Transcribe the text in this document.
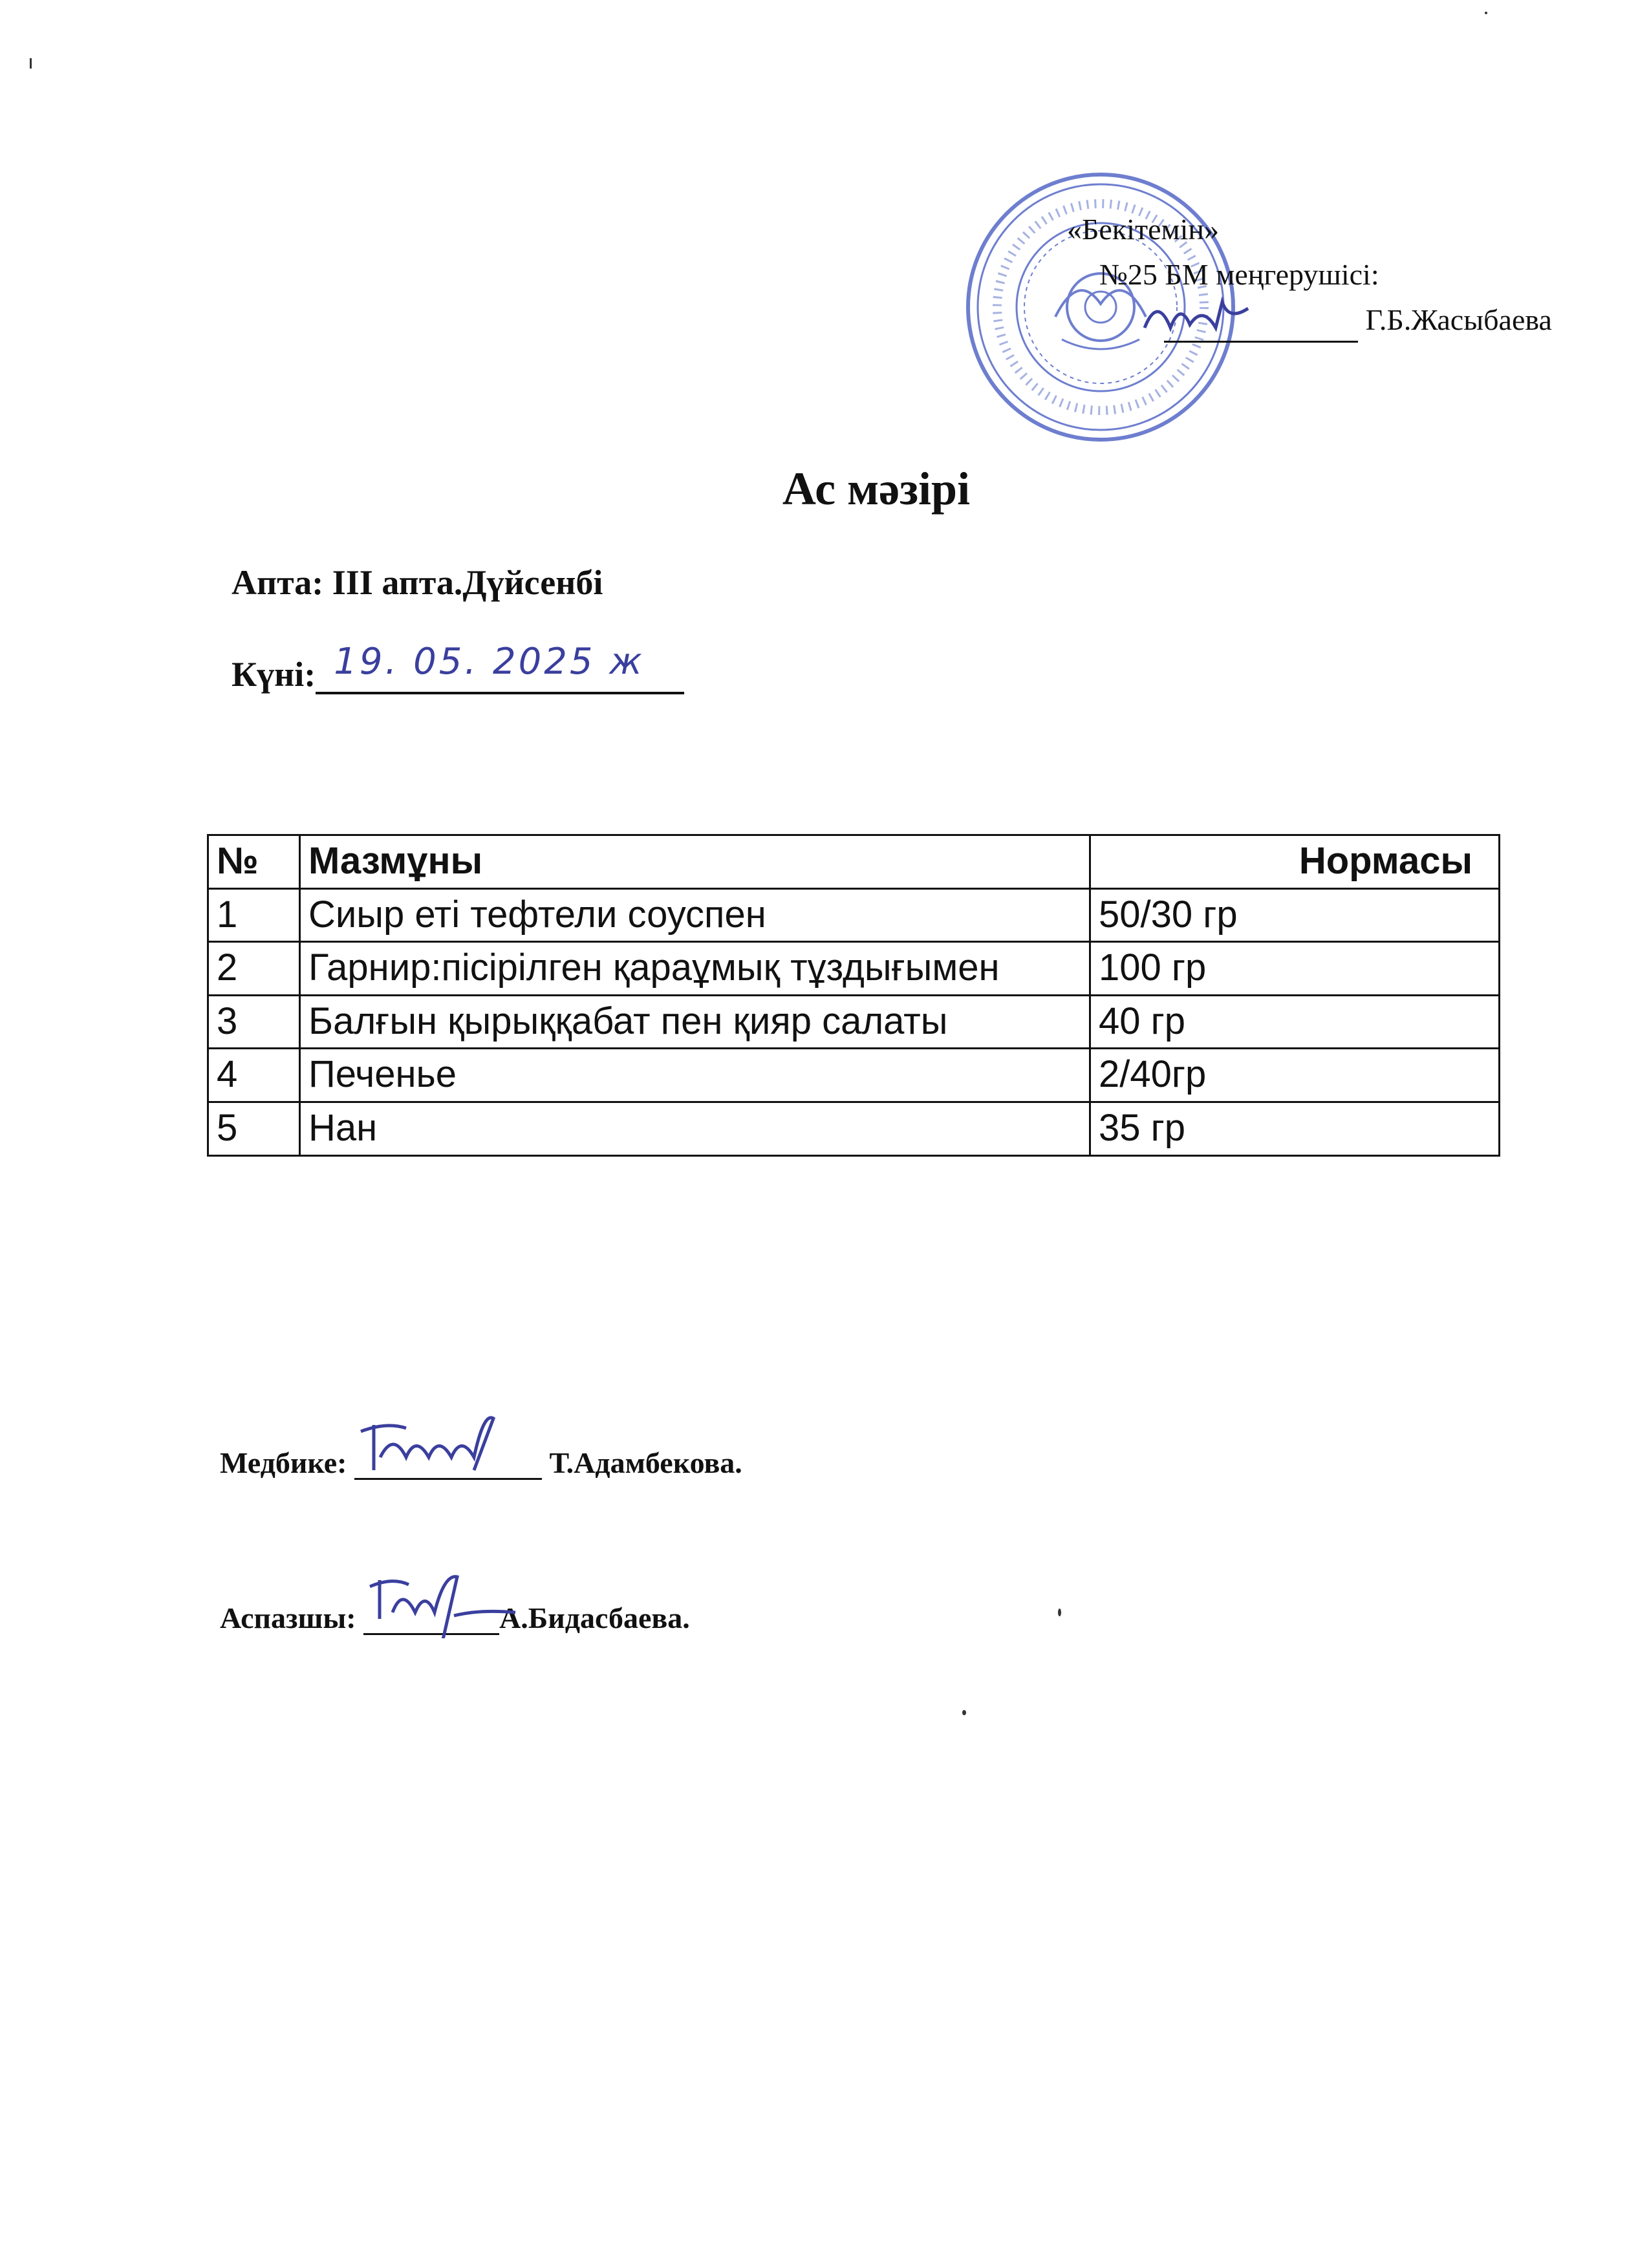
«Бекітемін»
№25 БМ меңгерушісі:
Г.Б.Жасыбаева
Ас мәзірі
Апта: ІІІ апта.Дүйсенбі
Күні: 19. 05. 2025 ж
№	Мазмұны	Нормасы
1	Сиыр еті тефтели соуспен	50/30 гр
2	Гарнир:пісірілген қараұмық тұздығымен	100 гр
3	Балғын қырыққабат пен қияр салаты	40 гр
4	Печенье	2/40гр
5	Нан	35 гр
Медбике:	Т.Адамбекова.
Аспазшы:	А.Бидасбаева.
